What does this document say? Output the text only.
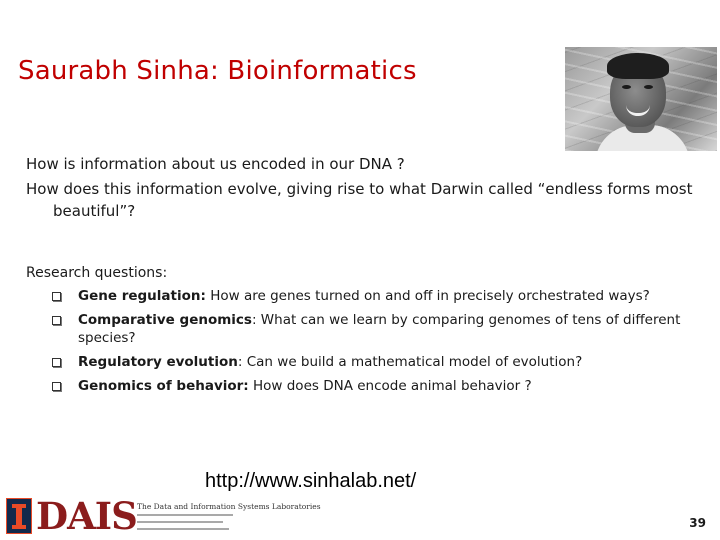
Saurabh Sinha: Bioinformatics

How is information about us encoded in our DNA ?

How does this information evolve, giving rise to what Darwin called “endless forms most beautiful”?

Research questions:

Gene regulation: How are genes turned on and off in precisely orchestrated ways?
Comparative genomics: What can we learn by comparing genomes of tens of different species?
Regulatory evolution: Can we build a mathematical model of evolution?
Genomics of behavior: How does DNA encode animal behavior ?
http://www.sinhalab.net/
DAIS The Data and Information Systems Laboratories
39
